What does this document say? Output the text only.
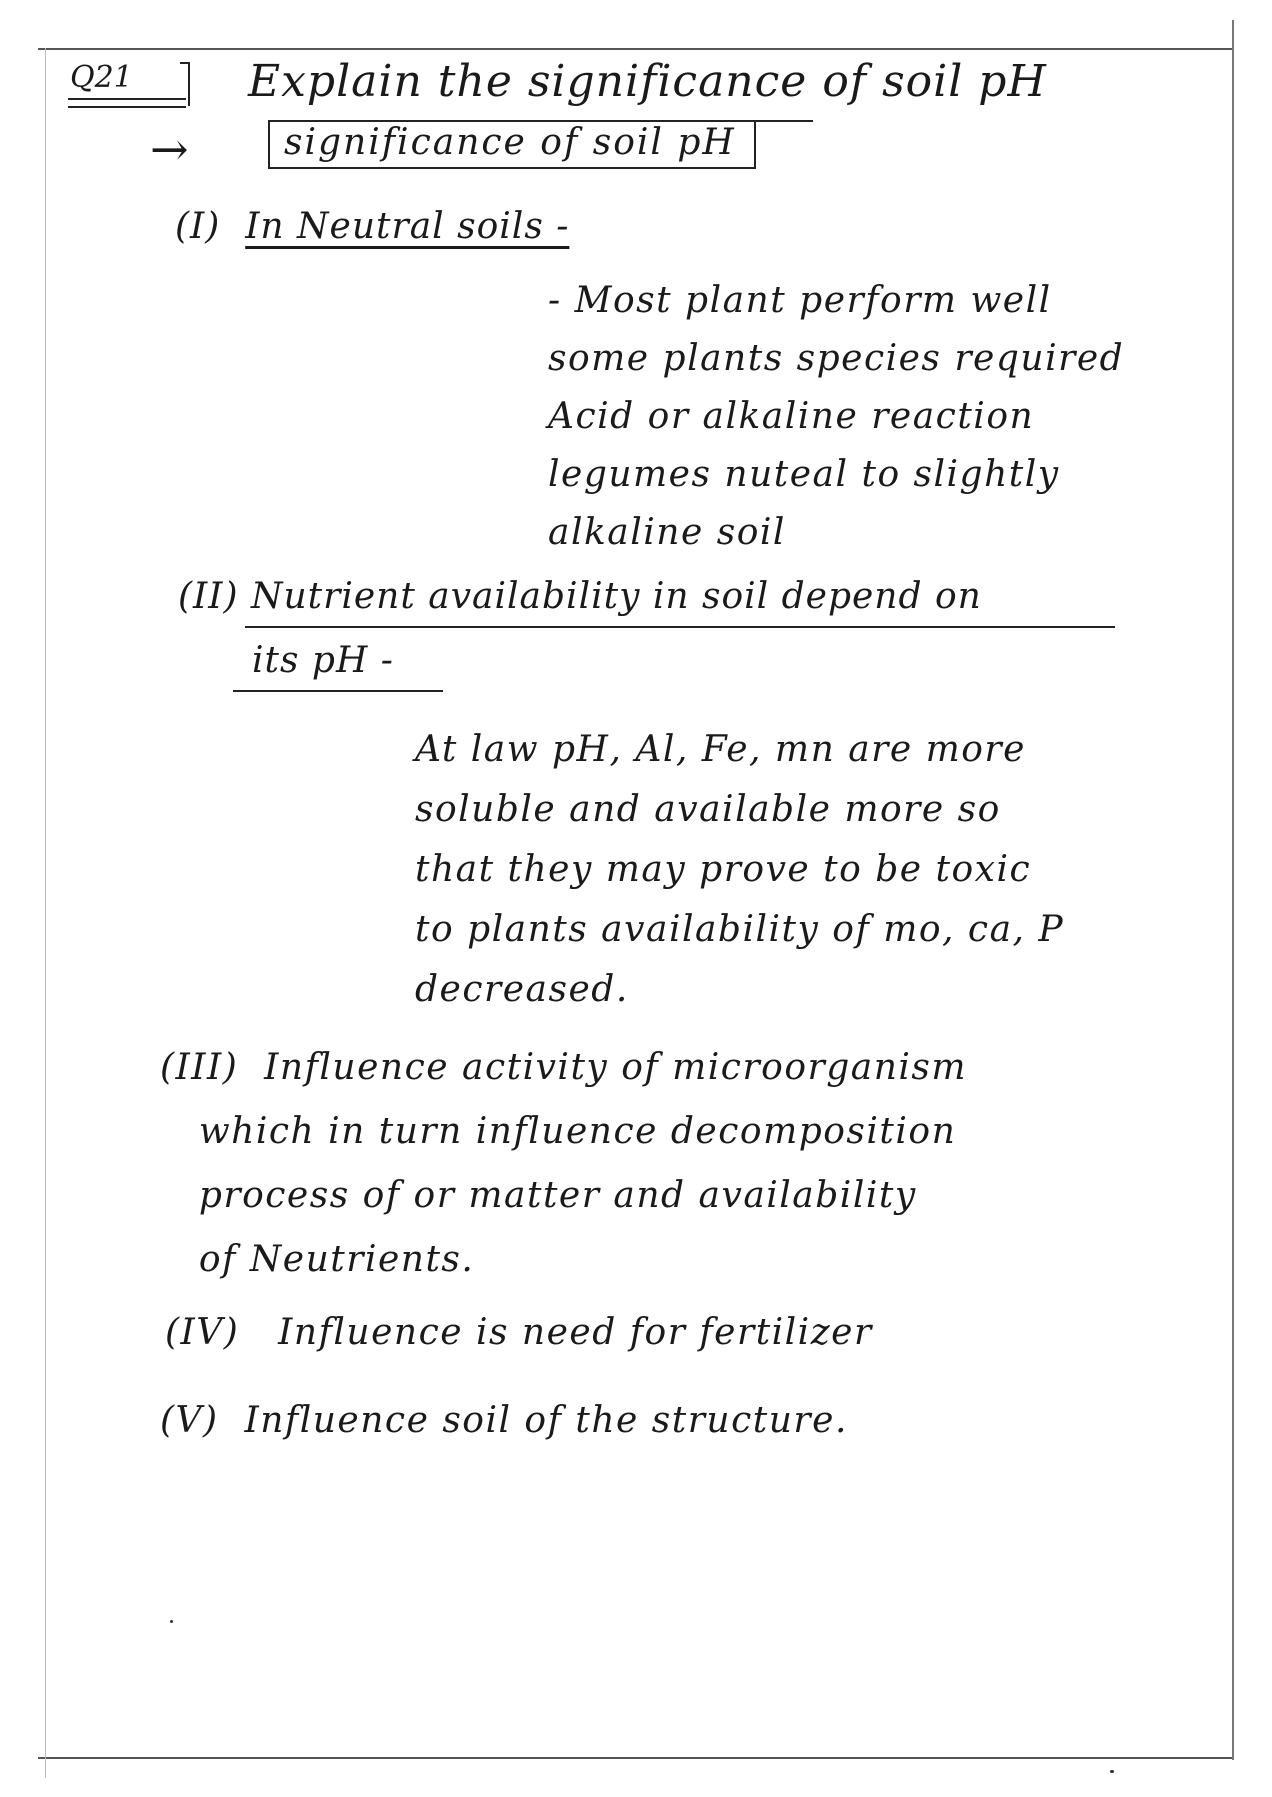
Q21	Explain the significance of soil pH
→	significance of soil pH
(I) In Neutral soils -
- Most plant perform well
some plants species required
Acid or alkaline reaction
legumes nuteal to slightly
alkaline soil
(II) Nutrient availability in soil depend on
its pH -
At law pH, Al, Fe, mn are more
soluble and available more so
that they may prove to be toxic
to plants availability of mo, ca, P
decreased.
(III) Influence activity of microorganism
which in turn influence decomposition
process of or matter and availability
of Neutrients.
(IV) Influence is need for fertilizer
(V) Influence soil of the structure.
